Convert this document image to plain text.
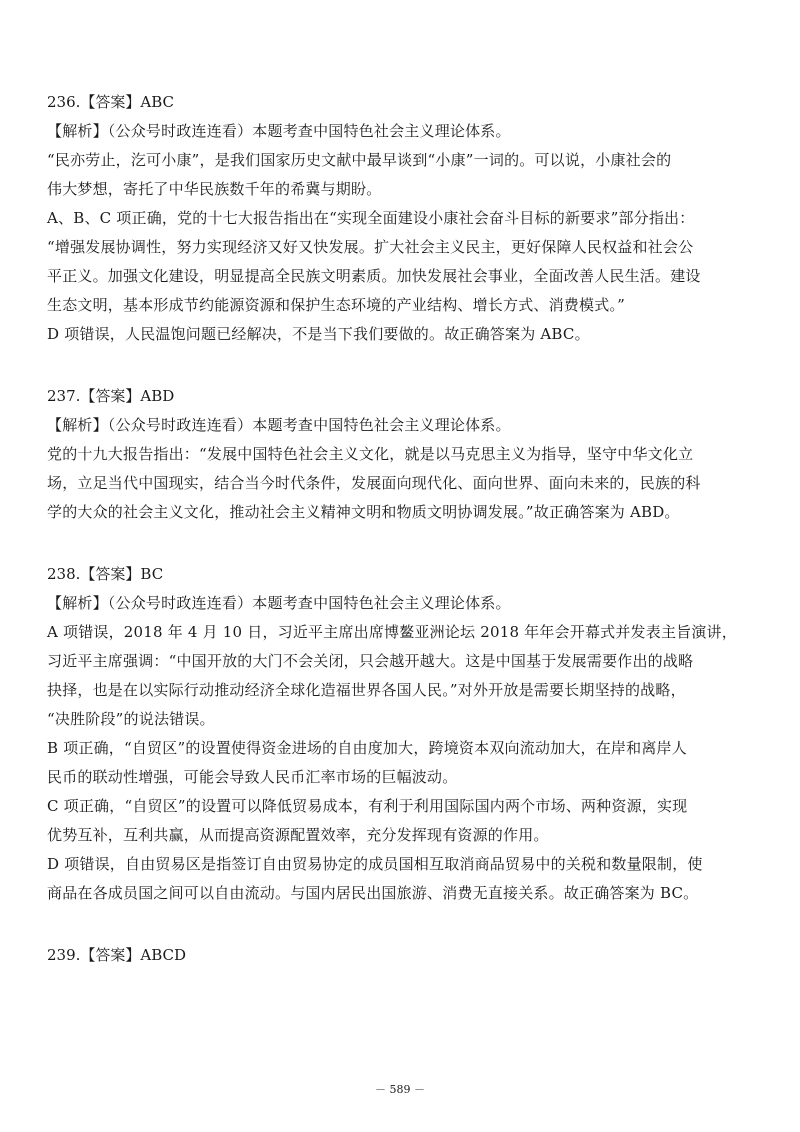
236.【答案】ABC
【解析】（公众号时政连连看）本题考查中国特色社会主义理论体系。
“民亦劳止，汔可小康”，是我们国家历史文献中最早谈到“小康”一词的。可以说，小康社会的
伟大梦想，寄托了中华民族数千年的希冀与期盼。
A、B、C 项正确，党的十七大报告指出在“实现全面建设小康社会奋斗目标的新要求”部分指出：
“增强发展协调性，努力实现经济又好又快发展。扩大社会主义民主，更好保障人民权益和社会公
平正义。加强文化建设，明显提高全民族文明素质。加快发展社会事业，全面改善人民生活。建设
生态文明，基本形成节约能源资源和保护生态环境的产业结构、增长方式、消费模式。”
D 项错误，人民温饱问题已经解决，不是当下我们要做的。故正确答案为 ABC。
237.【答案】ABD
【解析】（公众号时政连连看）本题考查中国特色社会主义理论体系。
党的十九大报告指出：“发展中国特色社会主义文化，就是以马克思主义为指导，坚守中华文化立
场，立足当代中国现实，结合当今时代条件，发展面向现代化、面向世界、面向未来的，民族的科
学的大众的社会主义文化，推动社会主义精神文明和物质文明协调发展。”故正确答案为 ABD。
238.【答案】BC
【解析】（公众号时政连连看）本题考查中国特色社会主义理论体系。
A 项错误，2018 年 4 月 10 日，习近平主席出席博鳌亚洲论坛 2018 年年会开幕式并发表主旨演讲，
习近平主席强调：“中国开放的大门不会关闭，只会越开越大。这是中国基于发展需要作出的战略
抉择，也是在以实际行动推动经济全球化造福世界各国人民。”对外开放是需要长期坚持的战略，
“决胜阶段”的说法错误。
B 项正确，“自贸区”的设置使得资金进场的自由度加大，跨境资本双向流动加大，在岸和离岸人
民币的联动性增强，可能会导致人民币汇率市场的巨幅波动。
C 项正确，“自贸区”的设置可以降低贸易成本，有利于利用国际国内两个市场、两种资源，实现
优势互补，互利共赢，从而提高资源配置效率，充分发挥现有资源的作用。
D 项错误，自由贸易区是指签订自由贸易协定的成员国相互取消商品贸易中的关税和数量限制，使
商品在各成员国之间可以自由流动。与国内居民出国旅游、消费无直接关系。故正确答案为 BC。
239.【答案】ABCD
－ 589 －
